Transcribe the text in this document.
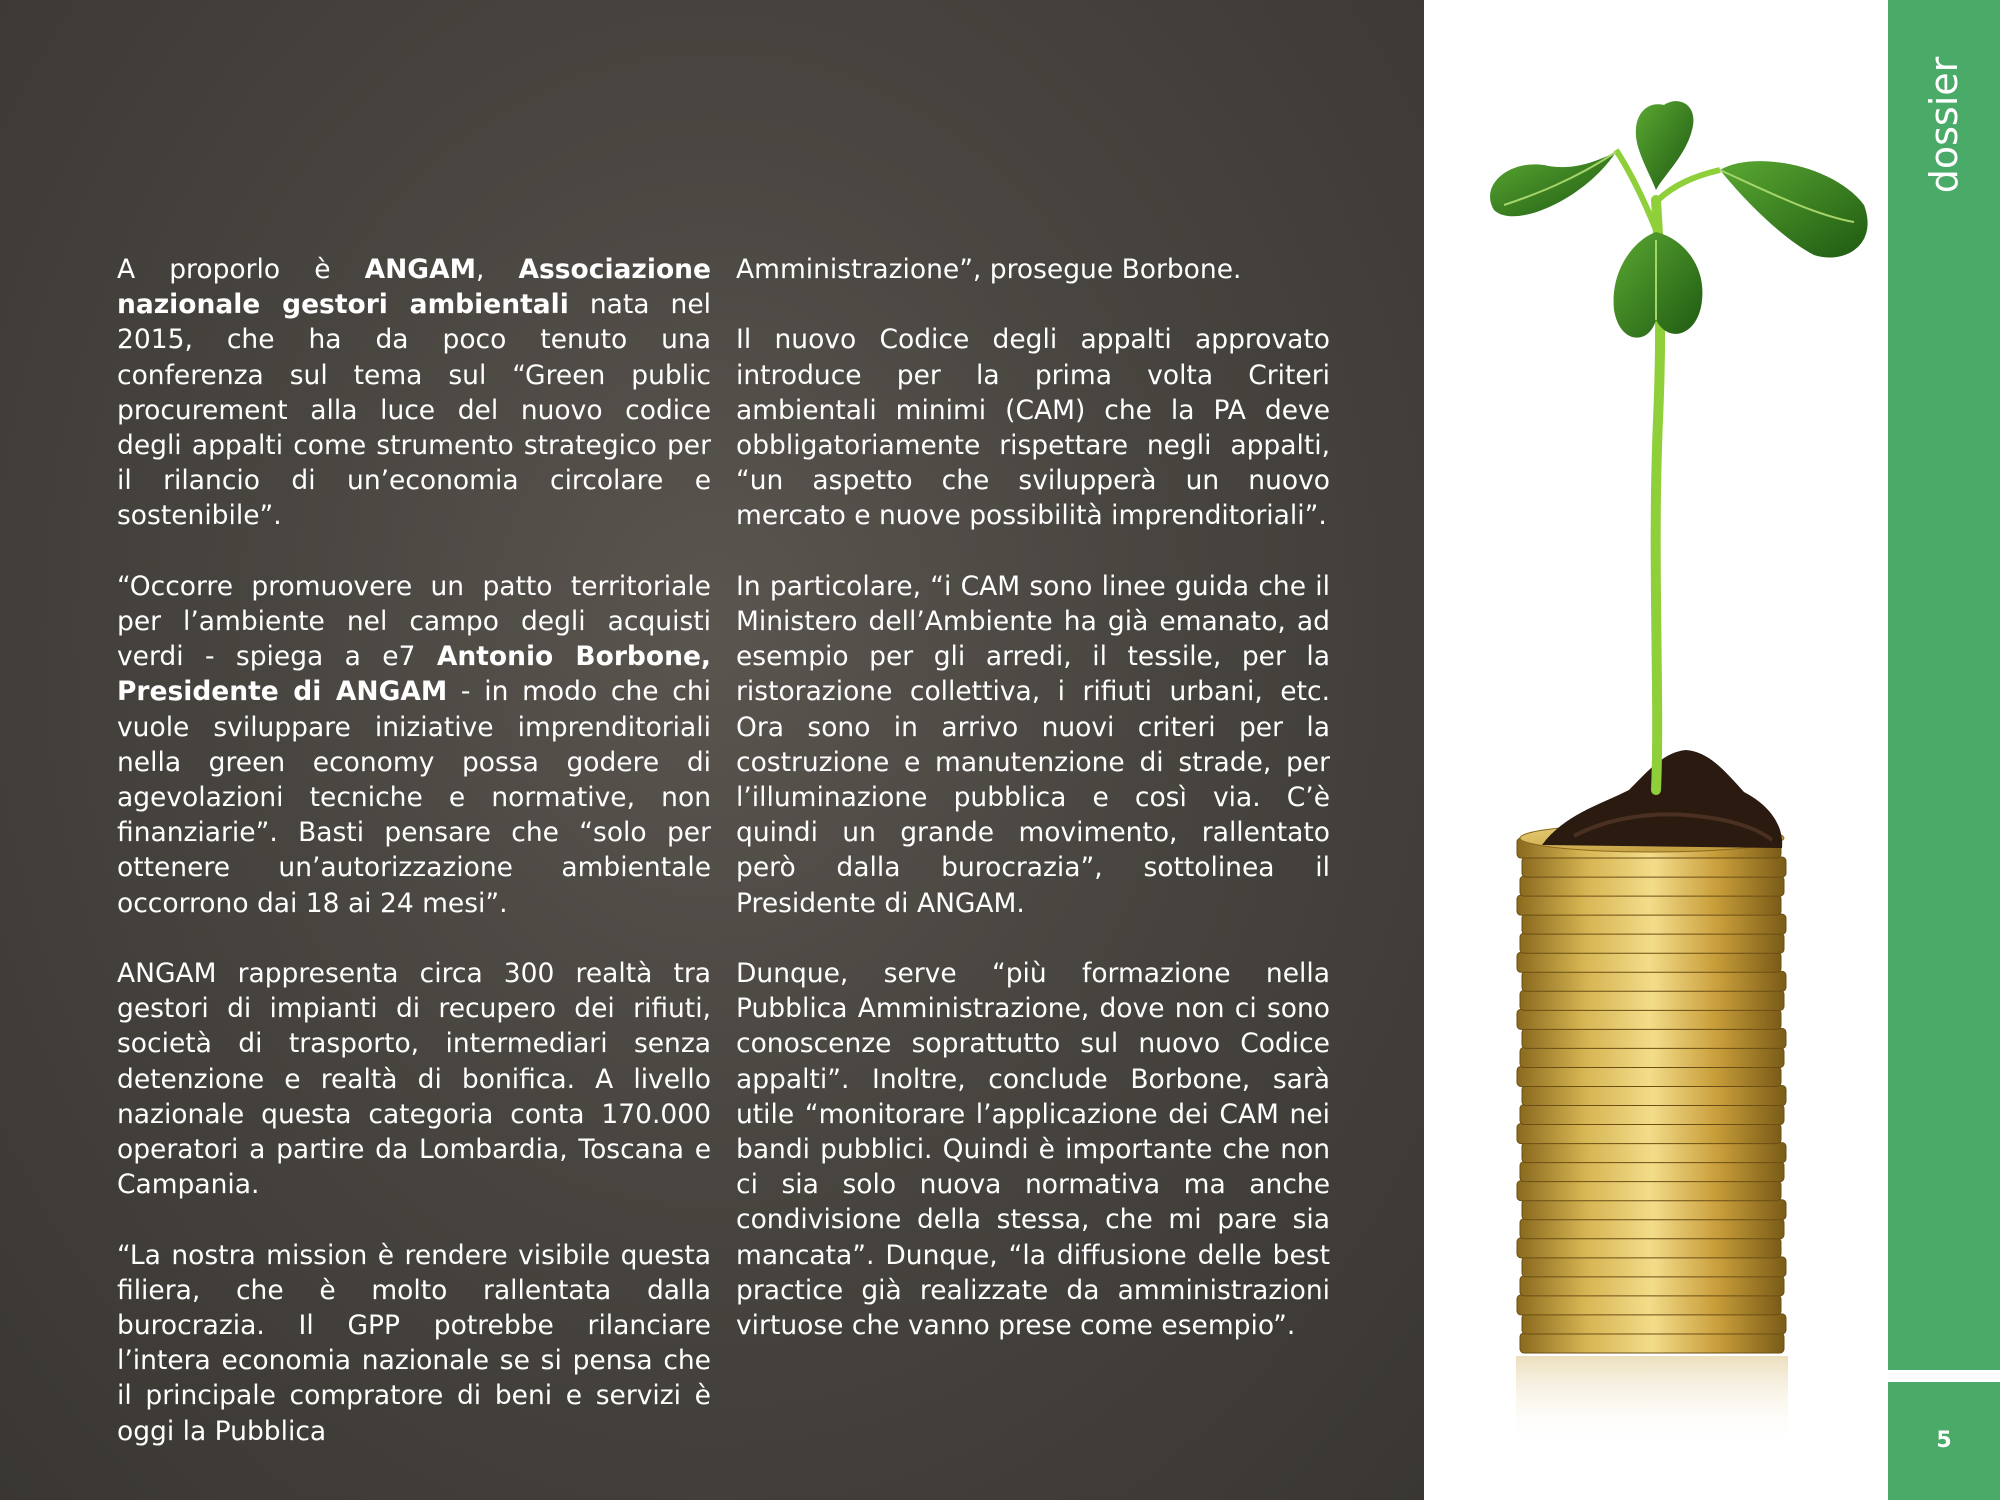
A proporlo è ANGAM, Associazione nazionale gestori ambientali nata nel 2015, che ha da poco tenuto una conferenza sul tema sul “Green public procurement alla luce del nuovo codice degli appalti come strumento strategico per il rilancio di un’economia circolare e sostenibile”.

“Occorre promuovere un patto territoriale per l’ambiente nel campo degli acquisti verdi - spiega a e7 Antonio Borbone, Presidente di ANGAM - in modo che chi vuole sviluppare iniziative imprenditoriali nella green economy possa godere di agevolazioni tecniche e normative, non finanziarie”. Basti pensare che “solo per ottenere un’autorizzazione ambientale occorrono dai 18 ai 24 mesi”.

ANGAM rappresenta circa 300 realtà tra gestori di impianti di recupero dei rifiuti, società di trasporto, intermediari senza detenzione e realtà di bonifica. A livello nazionale questa categoria conta 170.000 operatori a partire da Lombardia, Toscana e Campania.

“La nostra mission è rendere visibile questa filiera, che è molto rallentata dalla burocrazia. Il GPP potrebbe rilanciare l’intera economia nazionale se si pensa che il principale compratore di beni e servizi è oggi la Pubblica

Amministrazione”, prosegue Borbone.

Il nuovo Codice degli appalti approvato introduce per la prima volta Criteri ambientali minimi (CAM) che la PA deve obbligatoriamente rispettare negli appalti, “un aspetto che svilupperà un nuovo mercato e nuove possibilità imprenditoriali”.

In particolare, “i CAM sono linee guida che il Ministero dell’Ambiente ha già emanato, ad esempio per gli arredi, il tessile, per la ristorazione collettiva, i rifiuti urbani, etc. Ora sono in arrivo nuovi criteri per la costruzione e manutenzione di strade, per l’illuminazione pubblica e così via. C’è quindi un grande movimento, rallentato però dalla burocrazia”, sottolinea il Presidente di ANGAM.

Dunque, serve “più formazione nella Pubblica Amministrazione, dove non ci sono conoscenze soprattutto sul nuovo Codice appalti”. Inoltre, conclude Borbone, sarà utile “monitorare l’applicazione dei CAM nei bandi pubblici. Quindi è importante che non ci sia solo nuova normativa ma anche condivisione della stessa, che mi pare sia mancata”. Dunque, “la diffusione delle best practice già realizzate da amministrazioni virtuose che vanno prese come esempio”.

dossier
5
